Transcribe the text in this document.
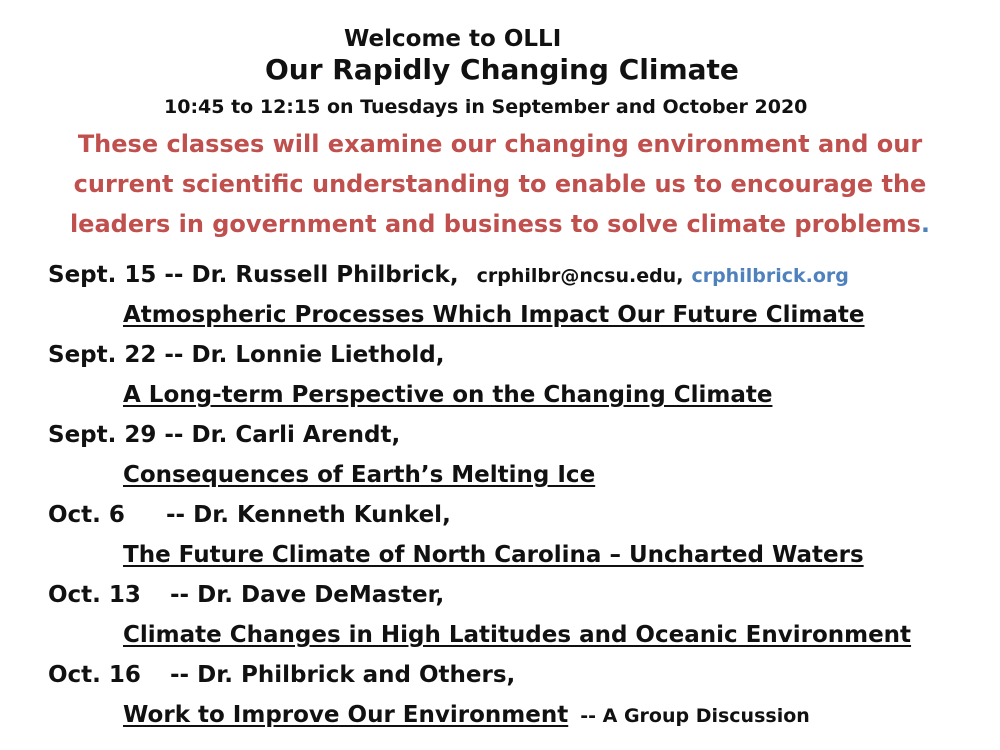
Welcome to OLLI
Our Rapidly Changing Climate
10:45 to 12:15 on Tuesdays in September and October 2020
These classes will examine our changing environment and our
current scientific understanding to enable us to encourage the
leaders in government and business to solve climate problems.
Sept. 15 -- Dr. Russell Philbrick, crphilbr@ncsu.edu, crphilbrick.org
Atmospheric Processes Which Impact Our Future Climate
Sept. 22 -- Dr. Lonnie Liethold,
A Long-term Perspective on the Changing Climate
Sept. 29 -- Dr. Carli Arendt,
Consequences of Earth’s Melting Ice
Oct. 6 -- Dr. Kenneth Kunkel,
The Future Climate of North Carolina – Uncharted Waters
Oct. 13 -- Dr. Dave DeMaster,
Climate Changes in High Latitudes and Oceanic Environment
Oct. 16 -- Dr. Philbrick and Others,
Work to Improve Our Environment -- A Group Discussion
